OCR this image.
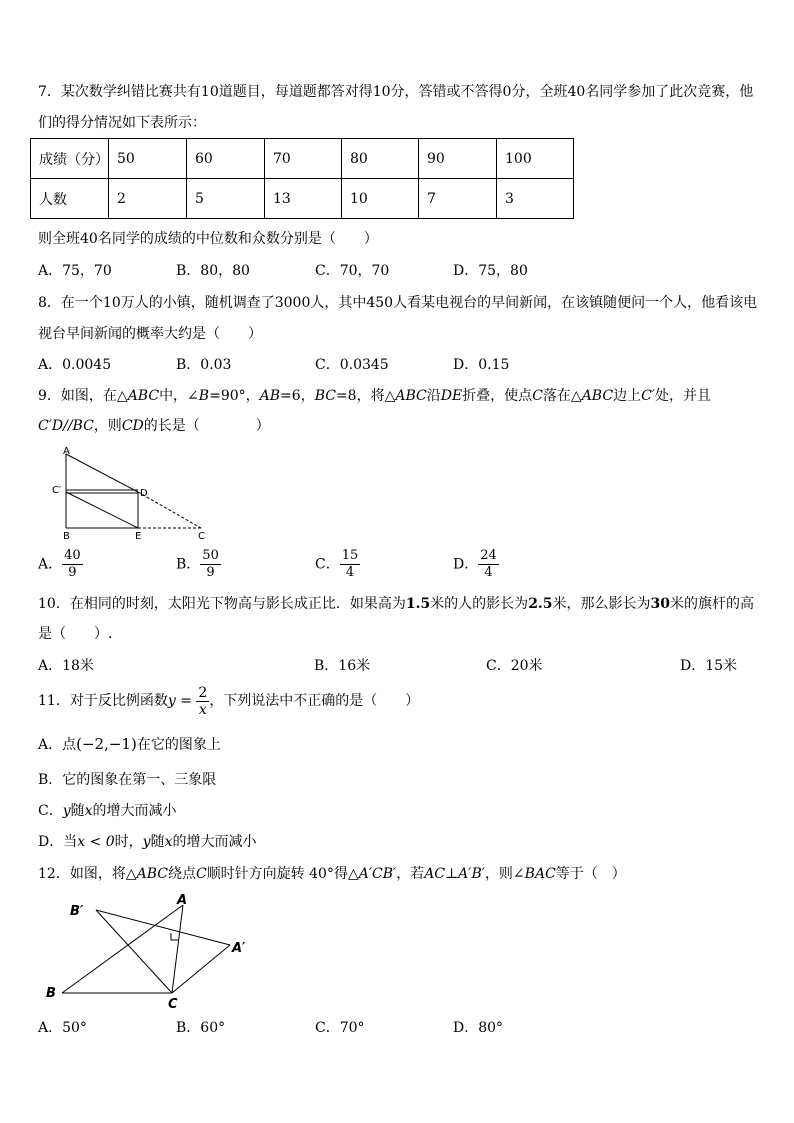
7．某次数学纠错比赛共有10道题目，每道题都答对得10分，答错或不答得0分，全班40名同学参加了此次竞赛，他
们的得分情况如下表所示：
成绩（分）	50	60	70	80	90	100
人数	2	5	13	10	7	3
则全班40名同学的成绩的中位数和众数分别是（　　）
A．75，70	B．80，80	C．70，70	D．75，80
8．在一个10万人的小镇，随机调查了3000人，其中450人看某电视台的早间新闻，在该镇随便问一个人，他看该电
视台早间新闻的概率大约是（　　）
A．0.0045	B．0.03	C．0.0345	D．0.15
9．如图，在△ABC中，∠B=90°，AB=6，BC=8，将△ABC沿DE折叠，使点C落在△ABC边上C′处，并且
C′D//BC，则CD的长是（　　　　）
A
C′	D
B	E	C
A． $\frac{40}{9}$	B． $\frac{50}{9}$	C． $\frac{15}{4}$	D． $\frac{24}{4}$
10．在相同的时刻，太阳光下物高与影长成正比．如果高为1.5米的人的影长为2.5米，那么影长为30米的旗杆的高
是（　　）.
A．18米	B．16米	C．20米	D．15米
11．对于反比例函数$y = \frac{2}{x}$ ，下列说法中不正确的是（　　）
A．点(−2,−1)在它的图象上
B．它的图象在第一、三象限
C．y随x的增大而减小
D．当x < 0时，y随x的增大而减小
12．如图，将△ABC绕点C顺时针方向旋转 40°得△A′CB′，若AC⊥A′B′，则∠BAC等于（　）
B′
A
A′
B
C
A．50°	B．60°	C．70°	D．80°
